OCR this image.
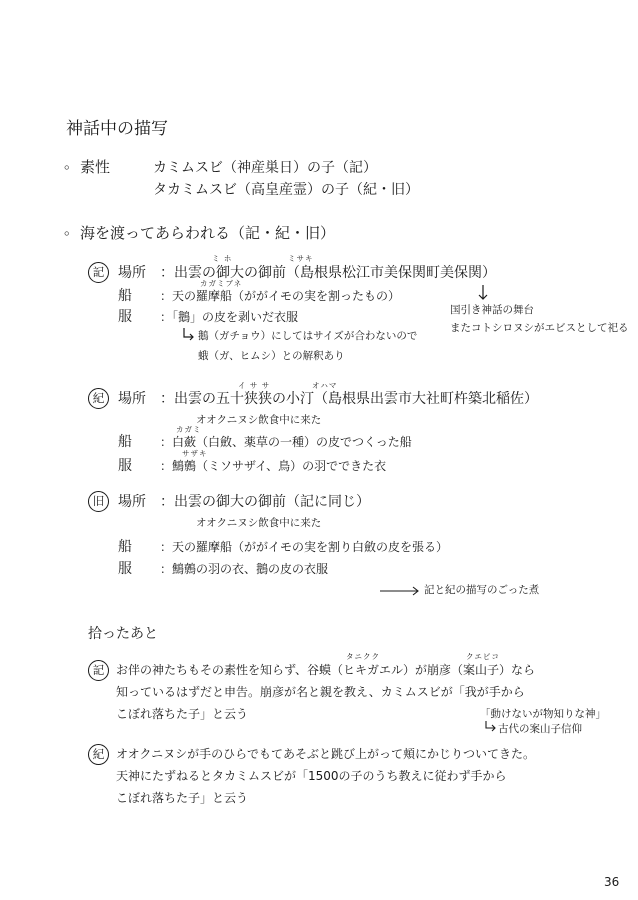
神話中の描写
。 素性	カミムスビ（神産巣日）の子（記）
タカミムスビ（高皇産霊）の子（紀・旧）
。 海を渡ってあらわれる（記・紀・旧）
記
ミ ホ	ミサキ
場所 ：出雲の御大の御前（島根県松江市美保関町美保関）
カガミブネ
船 ：天の羅摩船（ががイモの実を割ったもの）
服 ：「鵝」の皮を剥いだ衣服
鵝（ガチョウ）にしてはサイズが合わないので
蛾（ガ、ヒムシ）との解釈あり
国引き神話の舞台
またコトシロヌシがエビスとして祀る
紀
イ サ サ	オハマ
場所 ：出雲の五十狭狭の小汀（島根県出雲市大社町杵築北稲佐）
オオクニヌシ飲食中に来た
カガミ
船 ：白蘞（白斂、薬草の一種）の皮でつくった船
サザキ
服 ：鷦鷯（ミソサザイ、鳥）の羽でできた衣
旧 場所 ：出雲の御大の御前（記に同じ）
オオクニヌシ飲食中に来た
船 ：天の羅摩船（ががイモの実を割り白斂の皮を張る）
服 ：鷦鷯の羽の衣、鵝の皮の衣服
記と紀の描写のごった煮
拾ったあと
記
タニクク	クエビコ
お伴の神たちもその素性を知らず、谷蟆（ヒキガエル）が崩彦（案山子）なら
知っているはずだと申告。崩彦が名と親を教え、カミムスビが「我が手から
こぼれ落ちた子」と云う	「動けないが物知りな神」
古代の案山子信仰
紀 オオクニヌシが手のひらでもてあそぶと跳び上がって頬にかじりついてきた。
天神にたずねるとタカミムスビが「1500の子のうち教えに従わず手から
こぼれ落ちた子」と云う
36
